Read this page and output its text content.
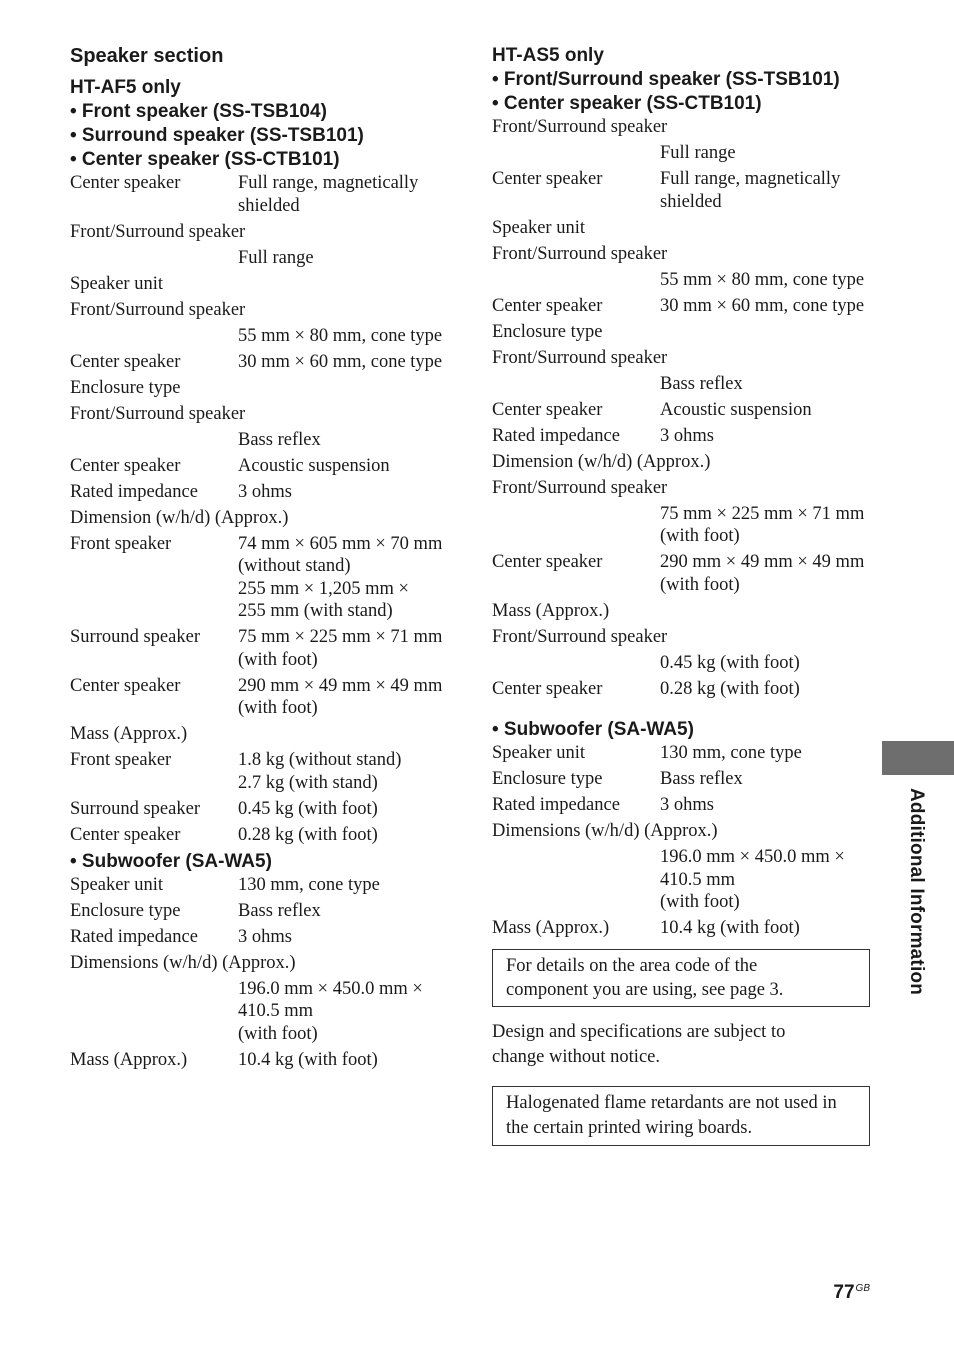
Speaker section
HT-AF5 only
• Front speaker (SS-TSB104)
• Surround speaker (SS-TSB101)
• Center speaker (SS-CTB101)
Center speaker	Full range, magnetically
shielded
Front/Surround speaker
Full range
Speaker unit
Front/Surround speaker
55 mm × 80 mm, cone type
Center speaker	30 mm × 60 mm, cone type
Enclosure type
Front/Surround speaker
Bass reflex
Center speaker	Acoustic suspension
Rated impedance	3 ohms
Dimension (w/h/d) (Approx.)
Front speaker	74 mm × 605 mm × 70 mm
(without stand)
255 mm × 1,205 mm ×
255 mm (with stand)
Surround speaker	75 mm × 225 mm × 71 mm
(with foot)
Center speaker	290 mm × 49 mm × 49 mm
(with foot)
Mass (Approx.)
Front speaker	1.8 kg (without stand)
2.7 kg (with stand)
Surround speaker	0.45 kg (with foot)
Center speaker	0.28 kg (with foot)
• Subwoofer (SA-WA5)
Speaker unit	130 mm, cone type
Enclosure type	Bass reflex
Rated impedance	3 ohms
Dimensions (w/h/d) (Approx.)
196.0 mm × 450.0 mm ×
410.5 mm
(with foot)
Mass (Approx.)	10.4 kg (with foot)
HT-AS5 only
• Front/Surround speaker (SS-TSB101)
• Center speaker (SS-CTB101)
Front/Surround speaker
Full range
Center speaker	Full range, magnetically
shielded
Speaker unit
Front/Surround speaker
55 mm × 80 mm, cone type
Center speaker	30 mm × 60 mm, cone type
Enclosure type
Front/Surround speaker
Bass reflex
Center speaker	Acoustic suspension
Rated impedance	3 ohms
Dimension (w/h/d) (Approx.)
Front/Surround speaker
75 mm × 225 mm × 71 mm
(with foot)
Center speaker	290 mm × 49 mm × 49 mm
(with foot)
Mass (Approx.)
Front/Surround speaker
0.45 kg (with foot)
Center speaker	0.28 kg (with foot)
• Subwoofer (SA-WA5)
Speaker unit	130 mm, cone type
Enclosure type	Bass reflex
Rated impedance	3 ohms
Dimensions (w/h/d) (Approx.)
196.0 mm × 450.0 mm ×
410.5 mm
(with foot)
Mass (Approx.)	10.4 kg (with foot)
For details on the area code of the
component you are using, see page 3.
Design and specifications are subject to
change without notice.
Halogenated flame retardants are not used in
the certain printed wiring boards.
Additional Information
$77^{GB}$
